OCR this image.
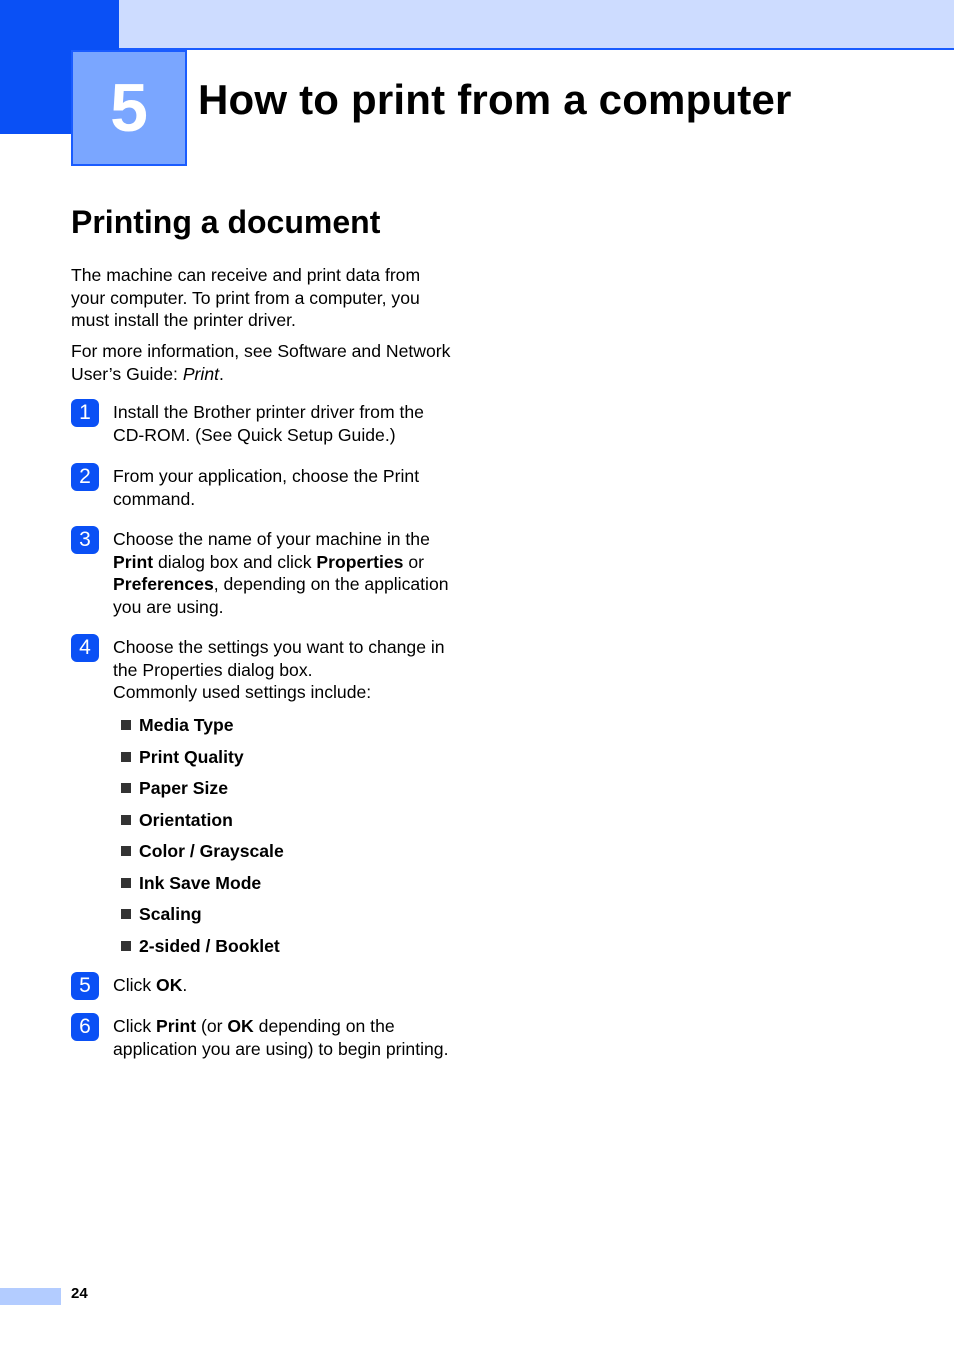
5	How to print from a computer
Printing a document
The machine can receive and print data from your computer. To print from a computer, you must install the printer driver.
For more information, see Software and Network User’s Guide: Print.
1	Install the Brother printer driver from the CD-ROM. (See Quick Setup Guide.)
2	From your application, choose the Print command.
3	Choose the name of your machine in the Print dialog box and click Properties or Preferences, depending on the application you are using.
4	Choose the settings you want to change in the Properties dialog box.
Commonly used settings include:
Media Type
Print Quality
Paper Size
Orientation
Color / Grayscale
Ink Save Mode
Scaling
2-sided / Booklet
5	Click OK.
6	Click Print (or OK depending on the application you are using) to begin printing.
24
